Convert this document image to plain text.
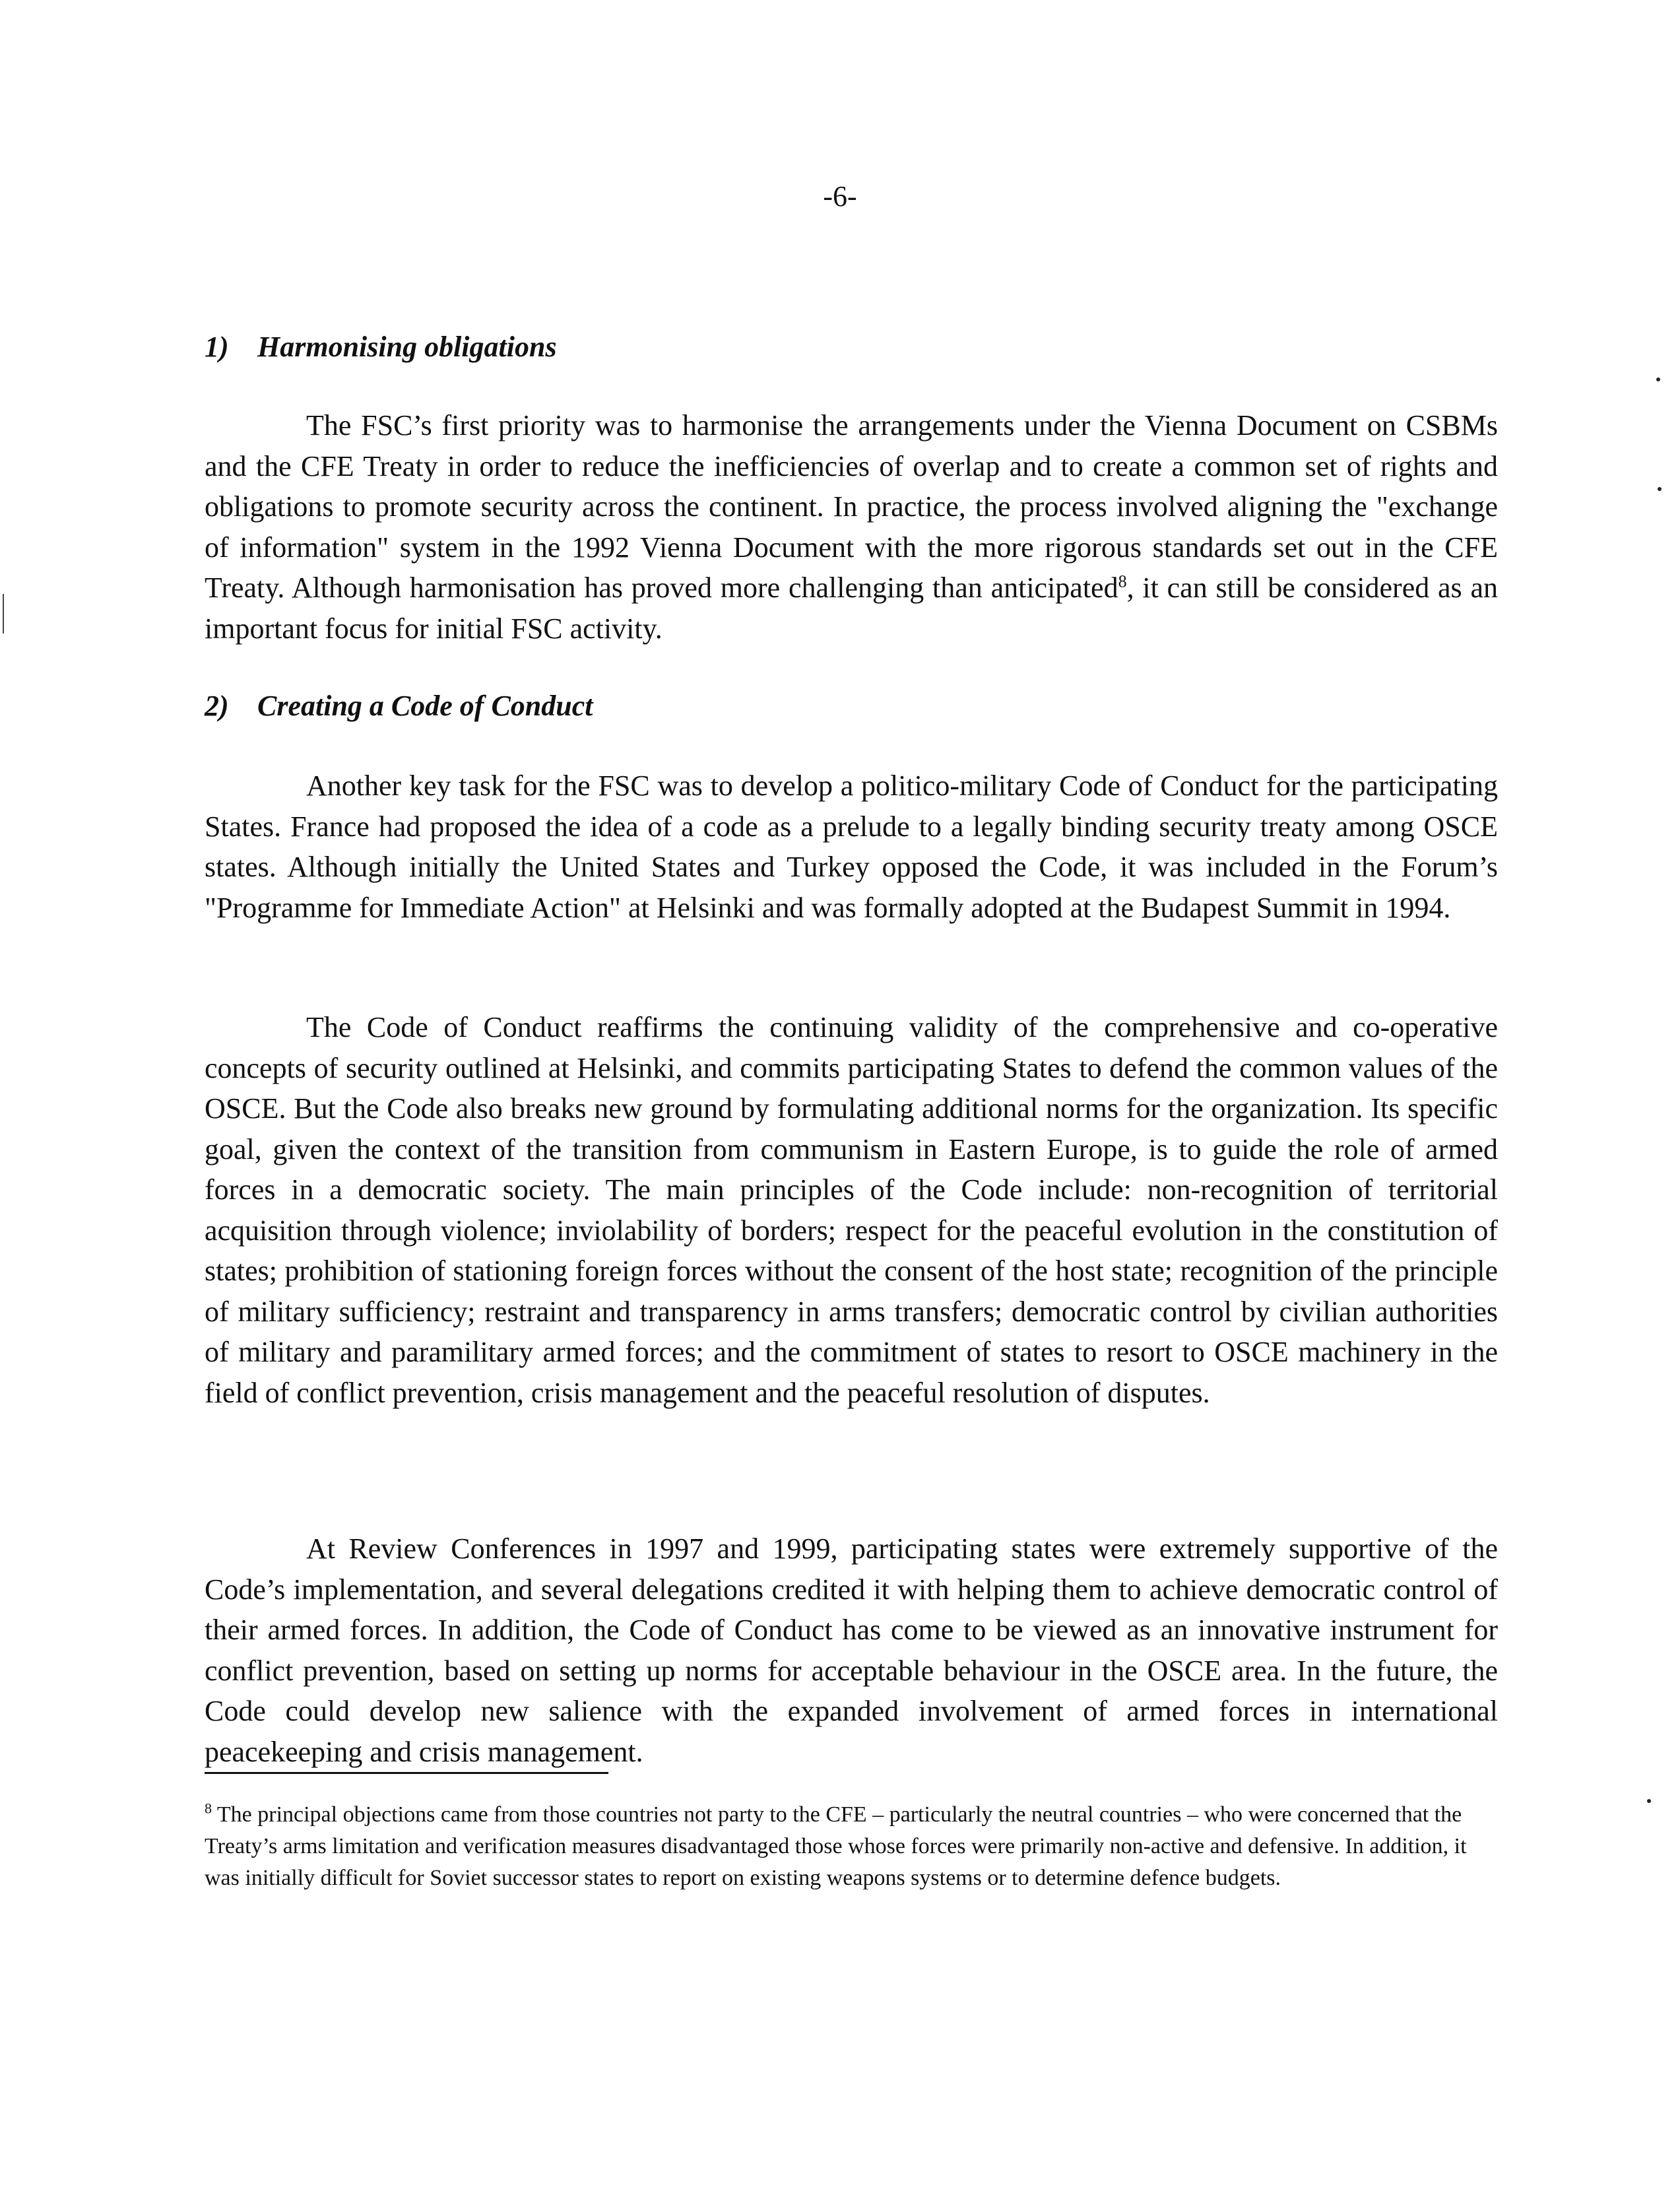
-6-
1) Harmonising obligations

The FSC’s first priority was to harmonise the arrangements under the Vienna Document on CSBMs and the CFE Treaty in order to reduce the inefficiencies of overlap and to create a common set of rights and obligations to promote security across the continent. In practice, the process involved aligning the "exchange of information" system in the 1992 Vienna Document with the more rigorous standards set out in the CFE Treaty. Although harmonisation has proved more challenging than anticipated$^8$, it can still be considered as an important focus for initial FSC activity.

2) Creating a Code of Conduct

Another key task for the FSC was to develop a politico-military Code of Conduct for the participating States. France had proposed the idea of a code as a prelude to a legally binding security treaty among OSCE states. Although initially the United States and Turkey opposed the Code, it was included in the Forum’s "Programme for Immediate Action" at Helsinki and was formally adopted at the Budapest Summit in 1994.

The Code of Conduct reaffirms the continuing validity of the comprehensive and co-operative concepts of security outlined at Helsinki, and commits participating States to defend the common values of the OSCE. But the Code also breaks new ground by formulating additional norms for the organization. Its specific goal, given the context of the transition from communism in Eastern Europe, is to guide the role of armed forces in a democratic society. The main principles of the Code include: non-recognition of territorial acquisition through violence; inviolability of borders; respect for the peaceful evolution in the constitution of states; prohibition of stationing foreign forces without the consent of the host state; recognition of the principle of military sufficiency; restraint and transparency in arms transfers; democratic control by civilian authorities of military and paramilitary armed forces; and the commitment of states to resort to OSCE machinery in the field of conflict prevention, crisis management and the peaceful resolution of disputes.

At Review Conferences in 1997 and 1999, participating states were extremely supportive of the Code’s implementation, and several delegations credited it with helping them to achieve democratic control of their armed forces. In addition, the Code of Conduct has come to be viewed as an innovative instrument for conflict prevention, based on setting up norms for acceptable behaviour in the OSCE area. In the future, the Code could develop new salience with the expanded involvement of armed forces in international peacekeeping and crisis management.

$^8$ The principal objections came from those countries not party to the CFE – particularly the neutral countries – who were concerned that the Treaty’s arms limitation and verification measures disadvantaged those whose forces were primarily non-active and defensive. In addition, it was initially difficult for Soviet successor states to report on existing weapons systems or to determine defence budgets.
